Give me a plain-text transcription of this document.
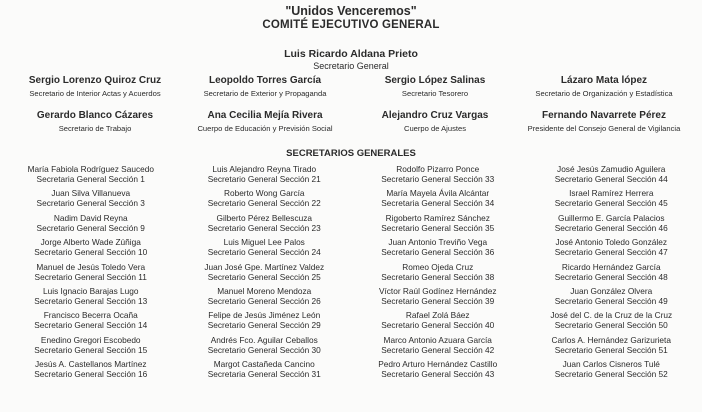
"Unidos Venceremos"
COMITÉ EJECUTIVO GENERAL
Luis Ricardo Aldana Prieto
Secretario General
Sergio Lorenzo Quiroz Cruz
Secretario de Interior Actas y Acuerdos
Leopoldo Torres García
Secretario de Exterior y Propaganda
Sergio López Salinas
Secretario Tesorero
Lázaro Mata lópez
Secretario de Organización y Estadística
Gerardo Blanco Cázares
Secretario de Trabajo
Ana Cecilia Mejía Rivera
Cuerpo de Educación y Previsión Social
Alejandro Cruz Vargas
Cuerpo de Ajustes
Fernando Navarrete Pérez
Presidente del Consejo General de Vigilancia
SECRETARIOS GENERALES
María Fabiola Rodríguez Saucedo
Secretaria General Sección 1
Juan Silva Villanueva
Secretario General Sección 3
Nadim David Reyna
Secretario General Sección 9
Jorge Alberto Wade Zúñiga
Secretario General Sección 10
Manuel de Jesús Toledo Vera
Secretario General Sección 11
Luis Ignacio Barajas Lugo
Secretario General Sección 13
Francisco Becerra Ocaña
Secretario General Sección 14
Enedino Gregori Escobedo
Secretario General Sección 15
Jesús A. Castellanos Martínez
Secretario General Sección 16
Luis Alejandro Reyna Tirado
Secretario General Sección 21
Roberto Wong García
Secretario General Sección 22
Gilberto Pérez Bellescuza
Secretario General Sección 23
Luis Miguel Lee Palos
Secretario General Sección 24
Juan José Gpe. Martínez Valdez
Secretario General Sección 25
Manuel Moreno Mendoza
Secretario General Sección 26
Felipe de Jesús Jiménez León
Secretario General Sección 29
Andrés Fco. Aguilar Ceballos
Secretario General Sección 30
Margot Castañeda Cancino
Secretaria General Sección 31
Rodolfo Pizarro Ponce
Secretario General Sección 33
María Mayela Ávila Alcántar
Secretaria General Sección 34
Rigoberto Ramírez Sánchez
Secretario General Sección 35
Juan Antonio Treviño Vega
Secretario General Sección 36
Romeo Ojeda Cruz
Secretario General Sección 38
Víctor Raúl Godínez Hernández
Secretario General Sección 39
Rafael Zolá Báez
Secretario General Sección 40
Marco Antonio Azuara García
Secretario General Sección 42
Pedro Arturo Hernández Castillo
Secretario General Sección 43
José Jesús Zamudio Aguilera
Secretario General Sección 44
Israel Ramírez Herrera
Secretario General Sección 45
Guillermo E. García Palacios
Secretario General Sección 46
José Antonio Toledo González
Secretario General Sección 47
Ricardo Hernández García
Secretario General Sección 48
Juan González Olvera
Secretario General Sección 49
José del C. de la Cruz de la Cruz
Secretario General Sección 50
Carlos A. Hernández Garizurieta
Secretario General Sección 51
Juan Carlos Cisneros Tulé
Secretario General Sección 52
